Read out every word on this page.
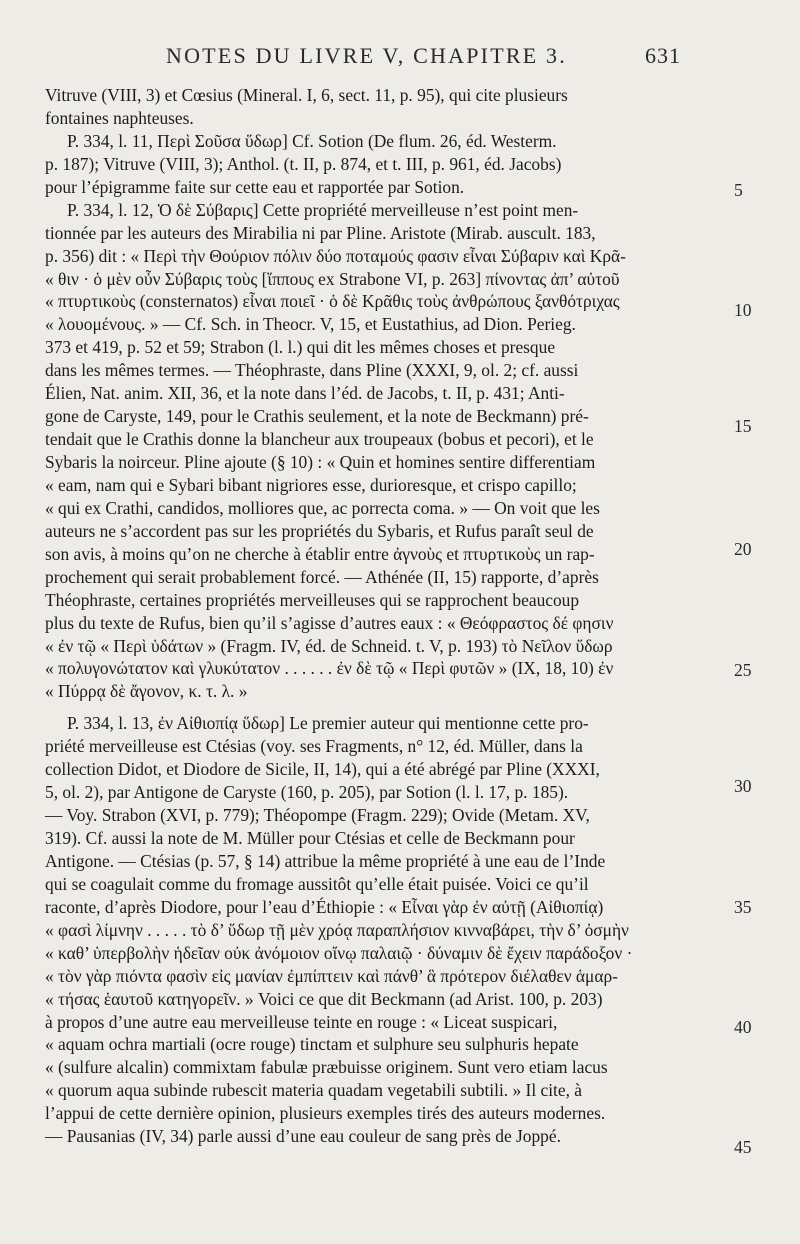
NOTES DU LIVRE V, CHAPITRE 3.	631
Vitruve (VIII, 3) et Cœsius (Mineral. I, 6, sect. 11, p. 95), qui cite plusieurs
fontaines naphteuses.
P. 334, l. 11, Περὶ Σοῦσα ὕδωρ] Cf. Sotion (De flum. 26, éd. Westerm.
p. 187); Vitruve (VIII, 3); Anthol. (t. II, p. 874, et t. III, p. 961, éd. Jacobs)
pour l’épigramme faite sur cette eau et rapportée par Sotion.
P. 334, l. 12, Ὁ δὲ Σύβαρις] Cette propriété merveilleuse n’est point men-
tionnée par les auteurs des Mirabilia ni par Pline. Aristote (Mirab. auscult. 183,
p. 356) dit : « Περὶ τὴν Θούριον πόλιν δύο ποταμούς φασιν εἶναι Σύβαριν καὶ Κρᾶ-
« θιν · ὁ μὲν οὖν Σύβαρις τοὺς [ἵππους ex Strabone VI, p. 263] πίνοντας ἀπ’ αὐτοῦ
« πτυρτικοὺς (consternatos) εἶναι ποιεῖ · ὁ δὲ Κρᾶθις τοὺς ἀνθρώπους ξανθότριχας
« λουομένους. » — Cf. Sch. in Theocr. V, 15, et Eustathius, ad Dion. Perieg.
373 et 419, p. 52 et 59; Strabon (l. l.) qui dit les mêmes choses et presque
dans les mêmes termes. — Théophraste, dans Pline (XXXI, 9, ol. 2; cf. aussi
Élien, Nat. anim. XII, 36, et la note dans l’éd. de Jacobs, t. II, p. 431; Anti-
gone de Caryste, 149, pour le Crathis seulement, et la note de Beckmann) pré-
tendait que le Crathis donne la blancheur aux troupeaux (bobus et pecori), et le
Sybaris la noirceur. Pline ajoute (§ 10) : « Quin et homines sentire differentiam
« eam, nam qui e Sybari bibant nigriores esse, durioresque, et crispo capillo;
« qui ex Crathi, candidos, molliores que, ac porrecta coma. » — On voit que les
auteurs ne s’accordent pas sur les propriétés du Sybaris, et Rufus paraît seul de
son avis, à moins qu’on ne cherche à établir entre ἀγνοὺς et πτυρτικοὺς un rap-
prochement qui serait probablement forcé. — Athénée (II, 15) rapporte, d’après
Théophraste, certaines propriétés merveilleuses qui se rapprochent beaucoup
plus du texte de Rufus, bien qu’il s’agisse d’autres eaux : « Θεόφραστος δέ φησιν
« ἐν τῷ « Περὶ ὑδάτων » (Fragm. IV, éd. de Schneid. t. V, p. 193) τὸ Νεῖλον ὕδωρ
« πολυγονώτατον καὶ γλυκύτατον . . . . . . ἐν δὲ τῷ « Περὶ φυτῶν » (IX, 18, 10) ἐν
« Πύρρᾳ δὲ ἄγονον, κ. τ. λ. »
P. 334, l. 13, ἐν Αἰθιοπίᾳ ὕδωρ] Le premier auteur qui mentionne cette pro-
priété merveilleuse est Ctésias (voy. ses Fragments, n° 12, éd. Müller, dans la
collection Didot, et Diodore de Sicile, II, 14), qui a été abrégé par Pline (XXXI,
5, ol. 2), par Antigone de Caryste (160, p. 205), par Sotion (l. l. 17, p. 185).
— Voy. Strabon (XVI, p. 779); Théopompe (Fragm. 229); Ovide (Metam. XV,
319). Cf. aussi la note de M. Müller pour Ctésias et celle de Beckmann pour
Antigone. — Ctésias (p. 57, § 14) attribue la même propriété à une eau de l’Inde
qui se coagulait comme du fromage aussitôt qu’elle était puisée. Voici ce qu’il
raconte, d’après Diodore, pour l’eau d’Éthiopie : « Εἶναι γὰρ ἐν αὐτῇ (Αἰθιοπίᾳ)
« φασὶ λίμνην . . . . . τὸ δ’ ὕδωρ τῇ μὲν χρόᾳ παραπλήσιον κινναβάρει, τὴν δ’ ὀσμὴν
« καθ’ ὑπερβολὴν ἡδεῖαν οὐκ ἀνόμοιον οἴνῳ παλαιῷ · δύναμιν δὲ ἔχειν παράδοξον ·
« τὸν γὰρ πιόντα φασὶν εἰς μανίαν ἐμπίπτειν καὶ πάνθ’ ἃ πρότερον διέλαθεν ἁμαρ-
« τήσας ἑαυτοῦ κατηγορεῖν. » Voici ce que dit Beckmann (ad Arist. 100, p. 203)
à propos d’une autre eau merveilleuse teinte en rouge : « Liceat suspicari,
« aquam ochra martiali (ocre rouge) tinctam et sulphure seu sulphuris hepate
« (sulfure alcalin) commixtam fabulæ præbuisse originem. Sunt vero etiam lacus
« quorum aqua subinde rubescit materia quadam vegetabili subtili. » Il cite, à
l’appui de cette dernière opinion, plusieurs exemples tirés des auteurs modernes.
— Pausanias (IV, 34) parle aussi d’une eau couleur de sang près de Joppé.
5
10
15
20
25
30
35
40
45
